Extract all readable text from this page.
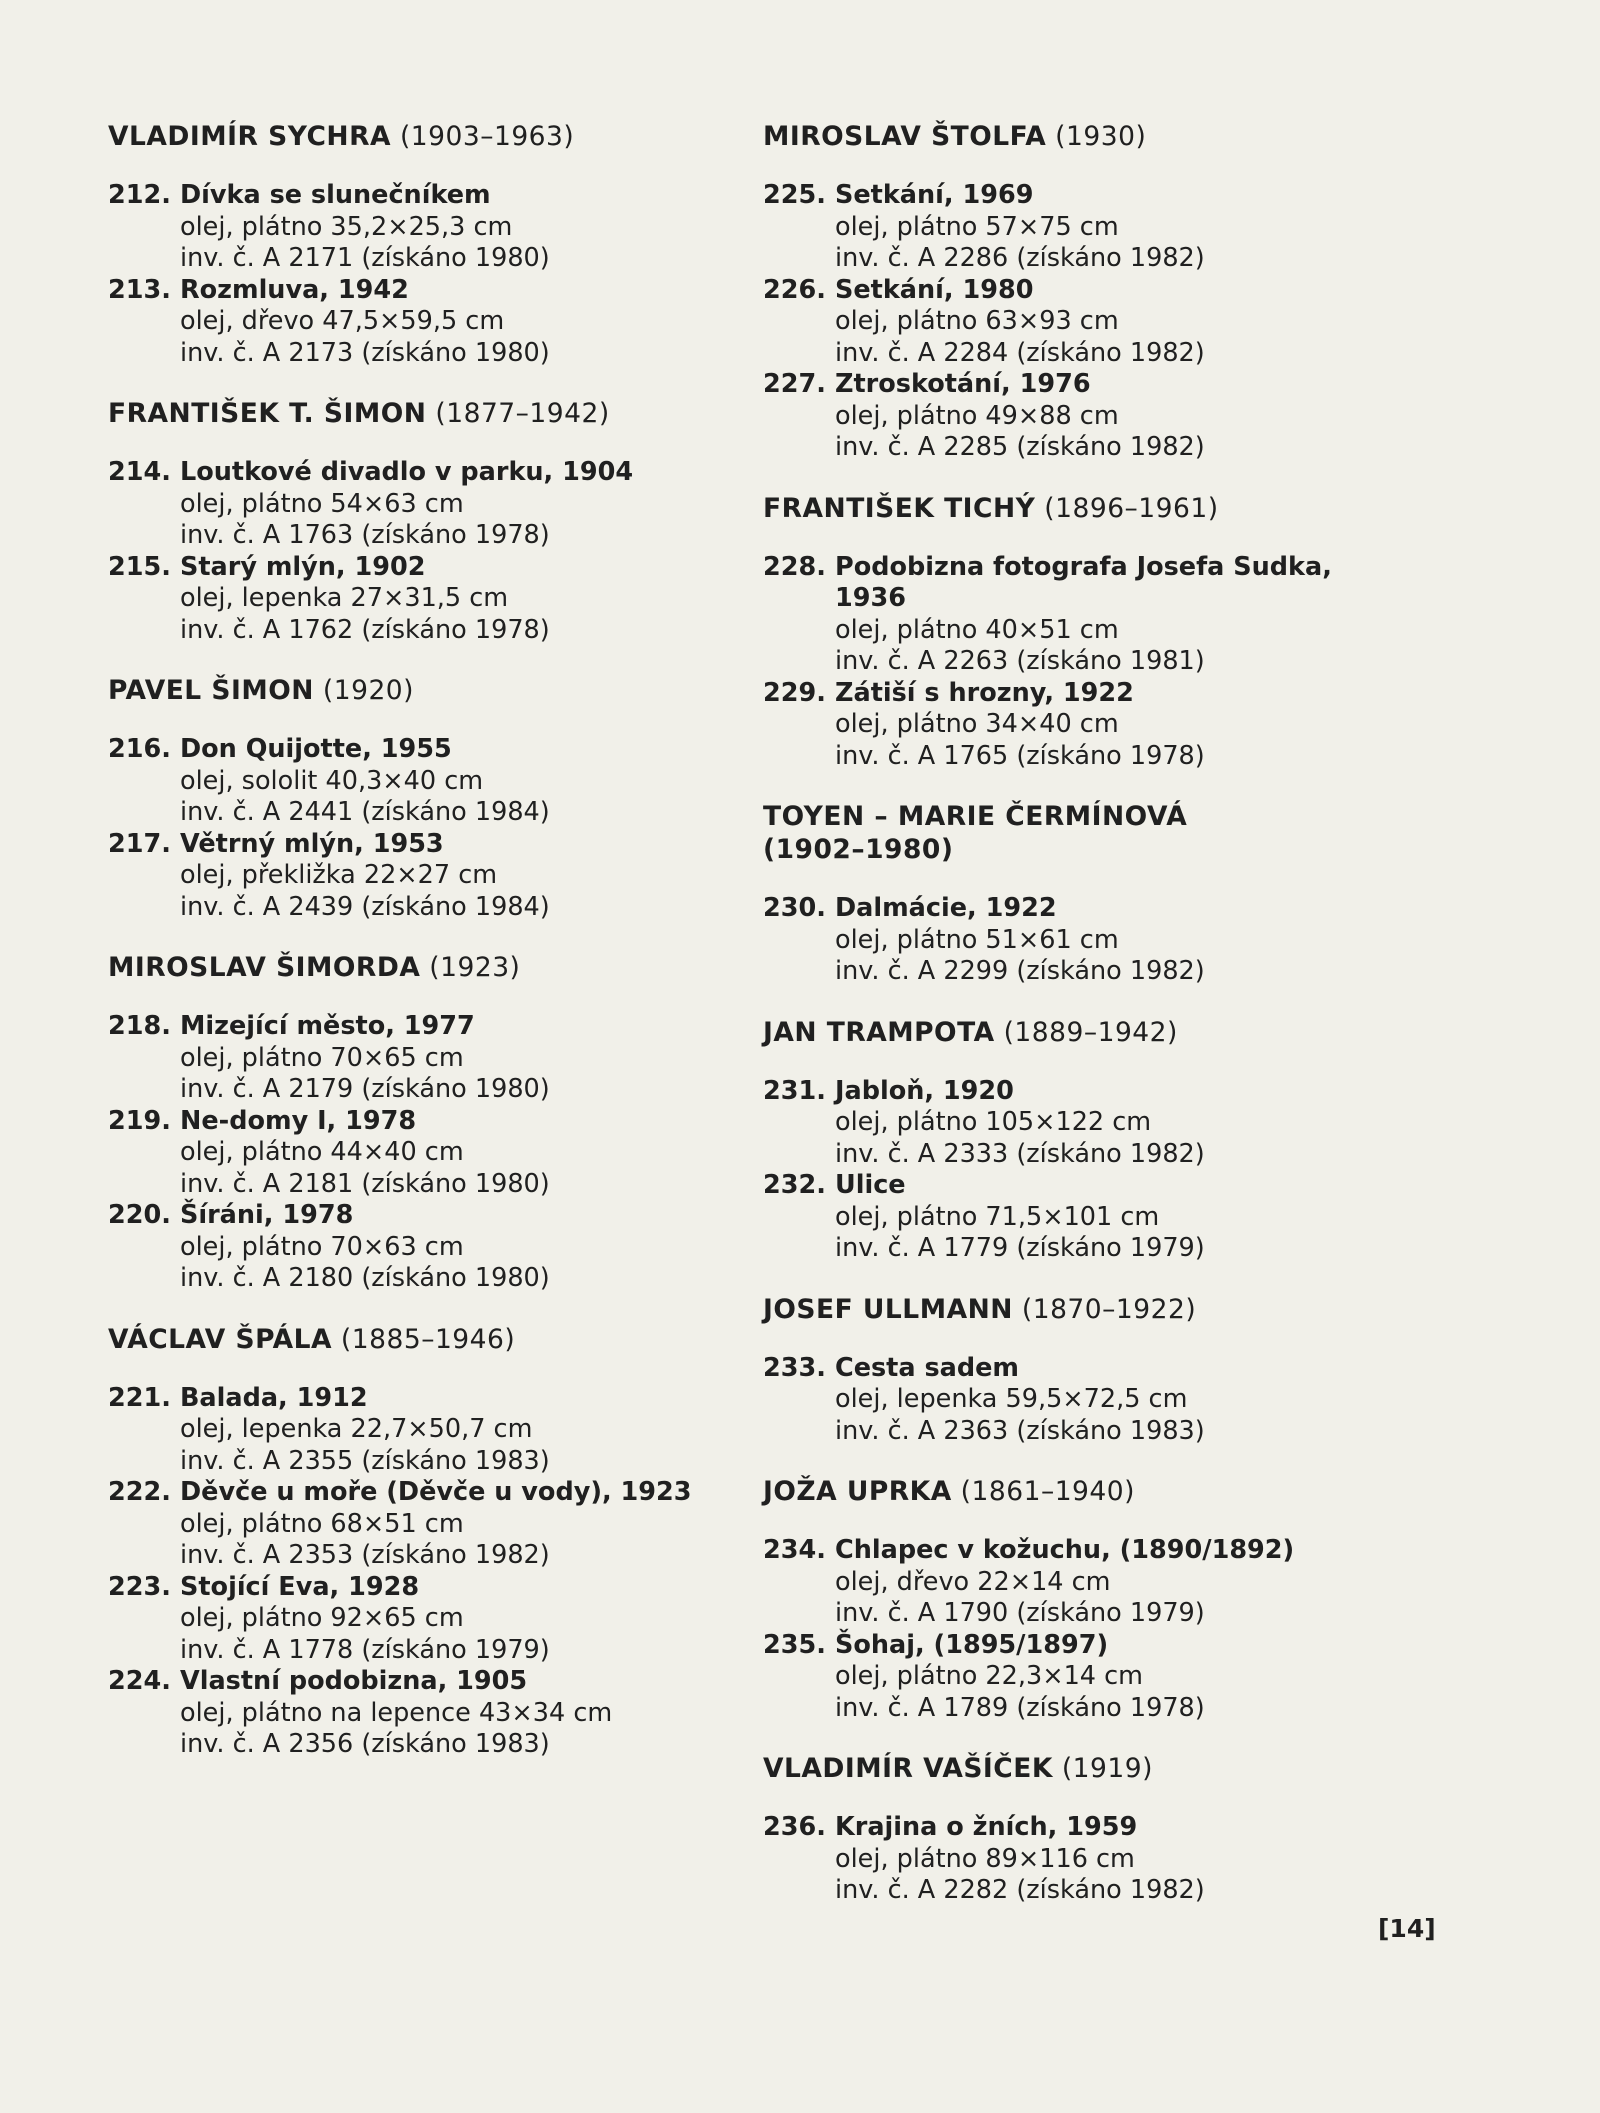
VLADIMÍR SYCHRA (1903–1963)
212. Dívka se slunečníkem
olej, plátno 35,2×25,3 cm
inv. č. A 2171 (získáno 1980)
213. Rozmluva, 1942
olej, dřevo 47,5×59,5 cm
inv. č. A 2173 (získáno 1980)
FRANTIŠEK T. ŠIMON (1877–1942)
214. Loutkové divadlo v parku, 1904
olej, plátno 54×63 cm
inv. č. A 1763 (získáno 1978)
215. Starý mlýn, 1902
olej, lepenka 27×31,5 cm
inv. č. A 1762 (získáno 1978)
PAVEL ŠIMON (1920)
216. Don Quijotte, 1955
olej, sololit 40,3×40 cm
inv. č. A 2441 (získáno 1984)
217. Větrný mlýn, 1953
olej, překližka 22×27 cm
inv. č. A 2439 (získáno 1984)
MIROSLAV ŠIMORDA (1923)
218. Mizející město, 1977
olej, plátno 70×65 cm
inv. č. A 2179 (získáno 1980)
219. Ne-domy I, 1978
olej, plátno 44×40 cm
inv. č. A 2181 (získáno 1980)
220. Šíráni, 1978
olej, plátno 70×63 cm
inv. č. A 2180 (získáno 1980)
VÁCLAV ŠPÁLA (1885–1946)
221. Balada, 1912
olej, lepenka 22,7×50,7 cm
inv. č. A 2355 (získáno 1983)
222. Děvče u moře (Děvče u vody), 1923
olej, plátno 68×51 cm
inv. č. A 2353 (získáno 1982)
223. Stojící Eva, 1928
olej, plátno 92×65 cm
inv. č. A 1778 (získáno 1979)
224. Vlastní podobizna, 1905
olej, plátno na lepence 43×34 cm
inv. č. A 2356 (získáno 1983)
MIROSLAV ŠTOLFA (1930)
225. Setkání, 1969
olej, plátno 57×75 cm
inv. č. A 2286 (získáno 1982)
226. Setkání, 1980
olej, plátno 63×93 cm
inv. č. A 2284 (získáno 1982)
227. Ztroskotání, 1976
olej, plátno 49×88 cm
inv. č. A 2285 (získáno 1982)
FRANTIŠEK TICHÝ (1896–1961)
228. Podobizna fotografa Josefa Sudka, 1936
olej, plátno 40×51 cm
inv. č. A 2263 (získáno 1981)
229. Zátiší s hrozny, 1922
olej, plátno 34×40 cm
inv. č. A 1765 (získáno 1978)
TOYEN – MARIE ČERMÍNOVÁ
(1902–1980)
230. Dalmácie, 1922
olej, plátno 51×61 cm
inv. č. A 2299 (získáno 1982)
JAN TRAMPOTA (1889–1942)
231. Jabloň, 1920
olej, plátno 105×122 cm
inv. č. A 2333 (získáno 1982)
232. Ulice
olej, plátno 71,5×101 cm
inv. č. A 1779 (získáno 1979)
JOSEF ULLMANN (1870–1922)
233. Cesta sadem
olej, lepenka 59,5×72,5 cm
inv. č. A 2363 (získáno 1983)
JOŽA UPRKA (1861–1940)
234. Chlapec v kožuchu, (1890/1892)
olej, dřevo 22×14 cm
inv. č. A 1790 (získáno 1979)
235. Šohaj, (1895/1897)
olej, plátno 22,3×14 cm
inv. č. A 1789 (získáno 1978)
VLADIMÍR VAŠÍČEK (1919)
236. Krajina o žních, 1959
olej, plátno 89×116 cm
inv. č. A 2282 (získáno 1982)
[14]
